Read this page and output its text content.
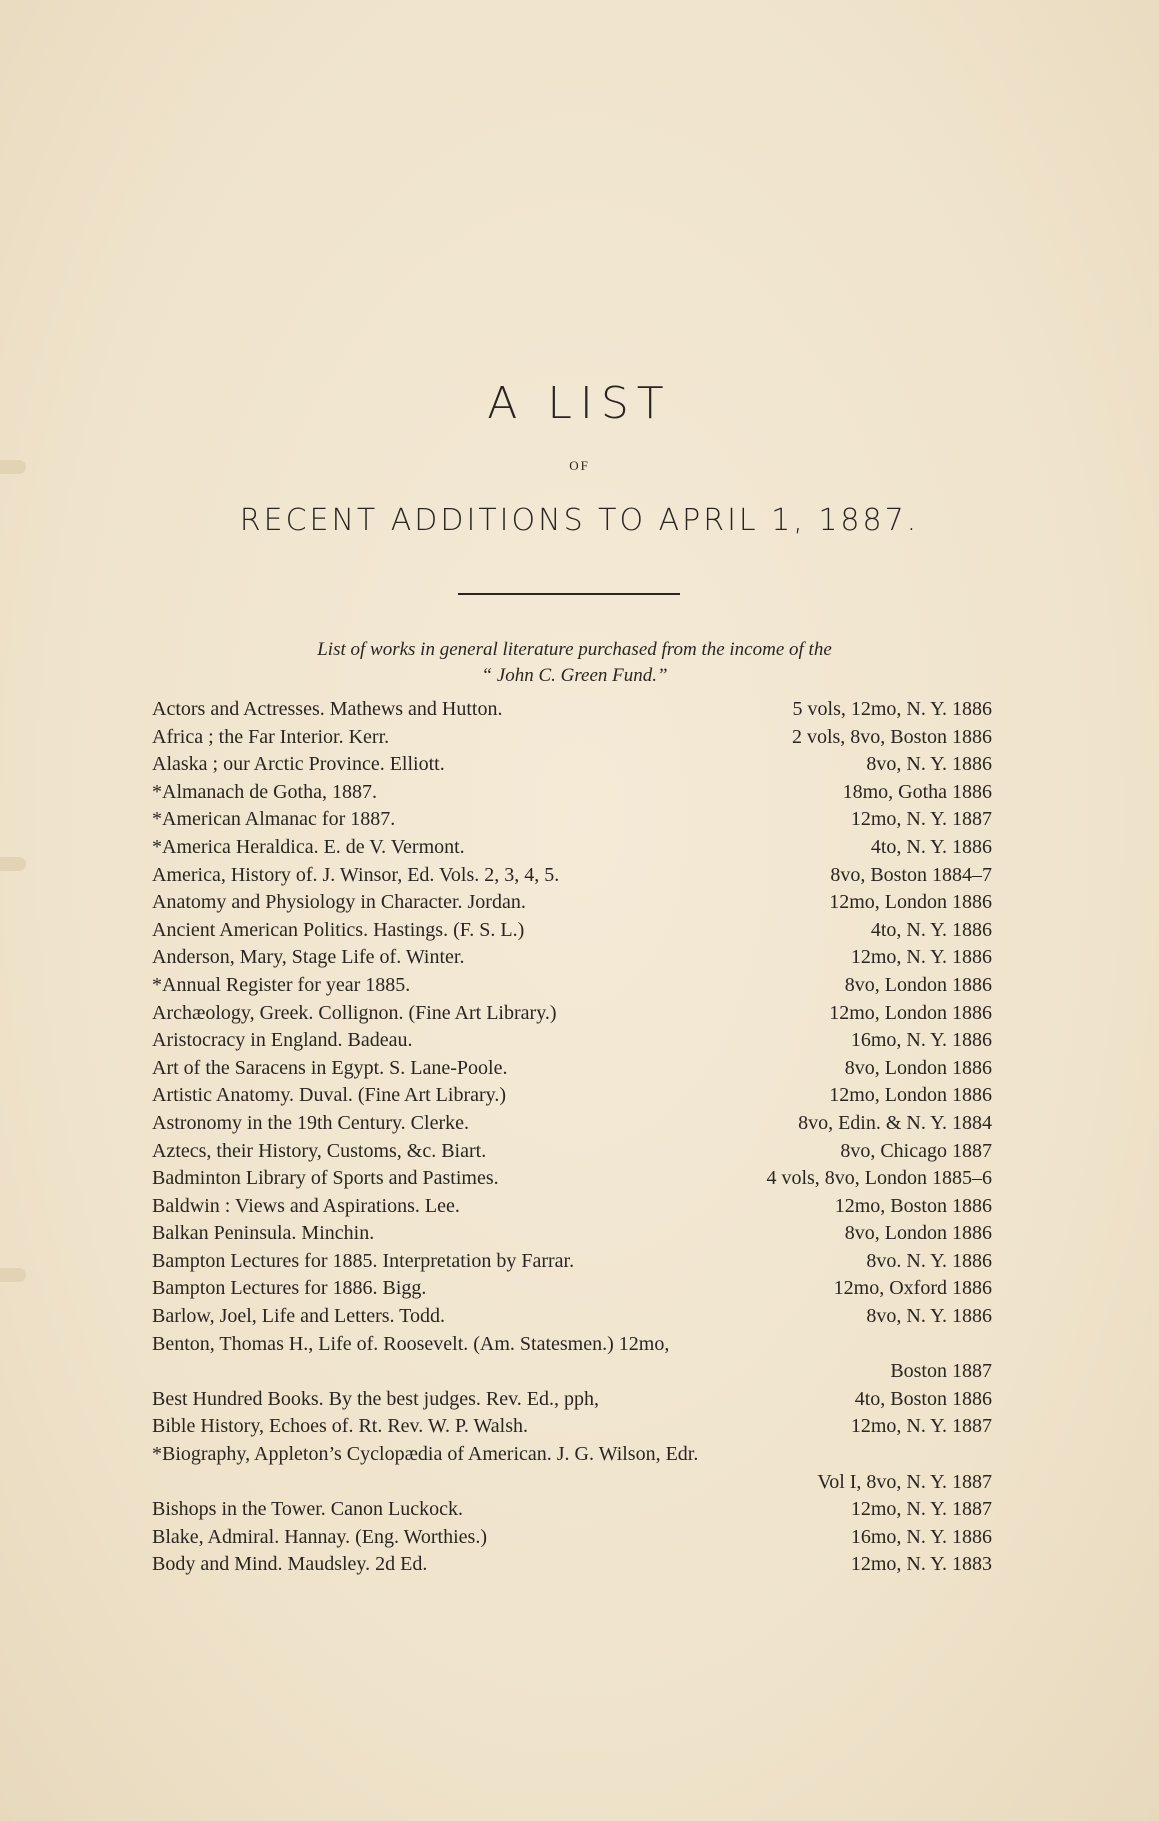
A LIST
OF
RECENT ADDITIONS TO APRIL 1, 1887.
List of works in general literature purchased from the income of the
“ John C. Green Fund.”
Actors and Actresses. Mathews and Hutton.	5 vols, 12mo, N. Y. 1886
Africa ; the Far Interior. Kerr.	2 vols, 8vo, Boston 1886
Alaska ; our Arctic Province. Elliott.	8vo, N. Y. 1886
*Almanach de Gotha, 1887.	18mo, Gotha 1886
*American Almanac for 1887.	12mo, N. Y. 1887
*America Heraldica. E. de V. Vermont.	4to, N. Y. 1886
America, History of. J. Winsor, Ed. Vols. 2, 3, 4, 5.	8vo, Boston 1884–7
Anatomy and Physiology in Character. Jordan.	12mo, London 1886
Ancient American Politics. Hastings. (F. S. L.)	4to, N. Y. 1886
Anderson, Mary, Stage Life of. Winter.	12mo, N. Y. 1886
*Annual Register for year 1885.	8vo, London 1886
Archæology, Greek. Collignon. (Fine Art Library.)	12mo, London 1886
Aristocracy in England. Badeau.	16mo, N. Y. 1886
Art of the Saracens in Egypt. S. Lane-Poole.	8vo, London 1886
Artistic Anatomy. Duval. (Fine Art Library.)	12mo, London 1886
Astronomy in the 19th Century. Clerke.	8vo, Edin. & N. Y. 1884
Aztecs, their History, Customs, &c. Biart.	8vo, Chicago 1887
Badminton Library of Sports and Pastimes.	4 vols, 8vo, London 1885–6
Baldwin : Views and Aspirations. Lee.	12mo, Boston 1886
Balkan Peninsula. Minchin.	8vo, London 1886
Bampton Lectures for 1885. Interpretation by Farrar.	8vo. N. Y. 1886
Bampton Lectures for 1886. Bigg.	12mo, Oxford 1886
Barlow, Joel, Life and Letters. Todd.	8vo, N. Y. 1886
Benton, Thomas H., Life of. Roosevelt. (Am. Statesmen.) 12mo,
Boston 1887
Best Hundred Books. By the best judges. Rev. Ed., pph,	4to, Boston 1886
Bible History, Echoes of. Rt. Rev. W. P. Walsh.	12mo, N. Y. 1887
*Biography, Appleton’s Cyclopædia of American. J. G. Wilson, Edr.
Vol I, 8vo, N. Y. 1887
Bishops in the Tower. Canon Luckock.	12mo, N. Y. 1887
Blake, Admiral. Hannay. (Eng. Worthies.)	16mo, N. Y. 1886
Body and Mind. Maudsley. 2d Ed.	12mo, N. Y. 1883
